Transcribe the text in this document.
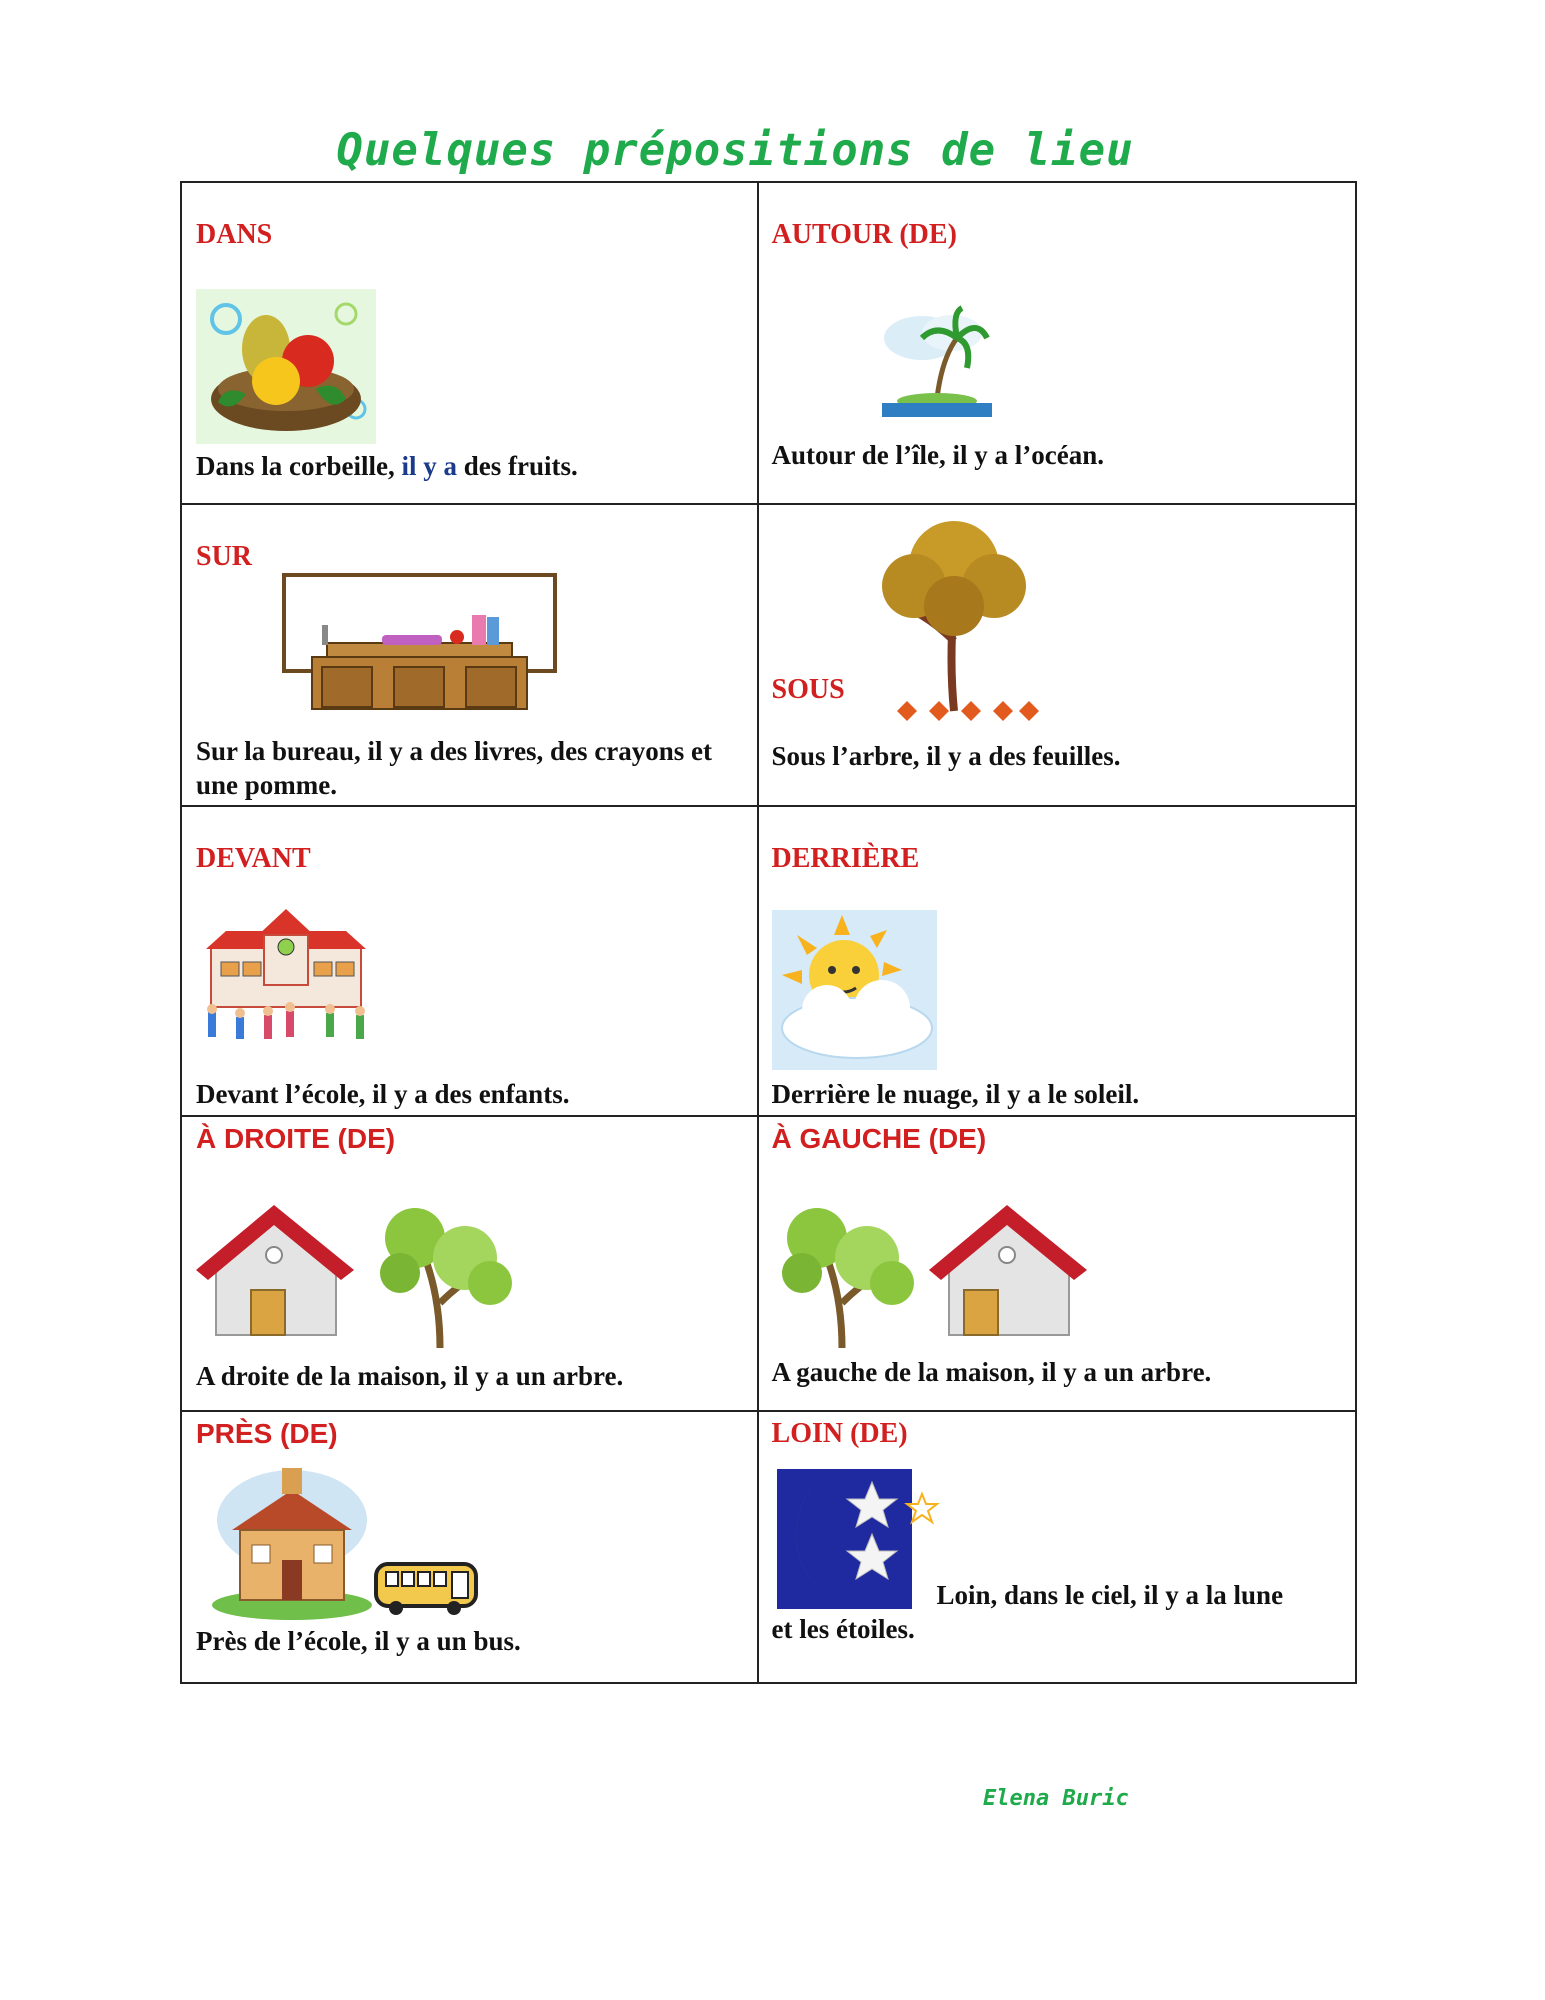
Quelques prépositions de lieu
DANS
Dans la corbeille, il y a des fruits.
AUTOUR (DE)
Autour de l’île, il y a l’océan.
SUR
Sur la bureau, il y a des livres, des crayons et une pomme.
SOUS
Sous l’arbre, il y a des feuilles.
DEVANT
Devant l’école, il y a des enfants.
DERRIÈRE
Derrière le nuage, il y a le soleil.
À DROITE (DE)
A droite de la maison, il y a un arbre.
À GAUCHE (DE)
A gauche de la maison, il y a un arbre.
PRÈS (DE)
Près de l’école, il y a un bus.
LOIN (DE)
Loin, dans le ciel, il y a la lune
et les étoiles.
Elena Buric
